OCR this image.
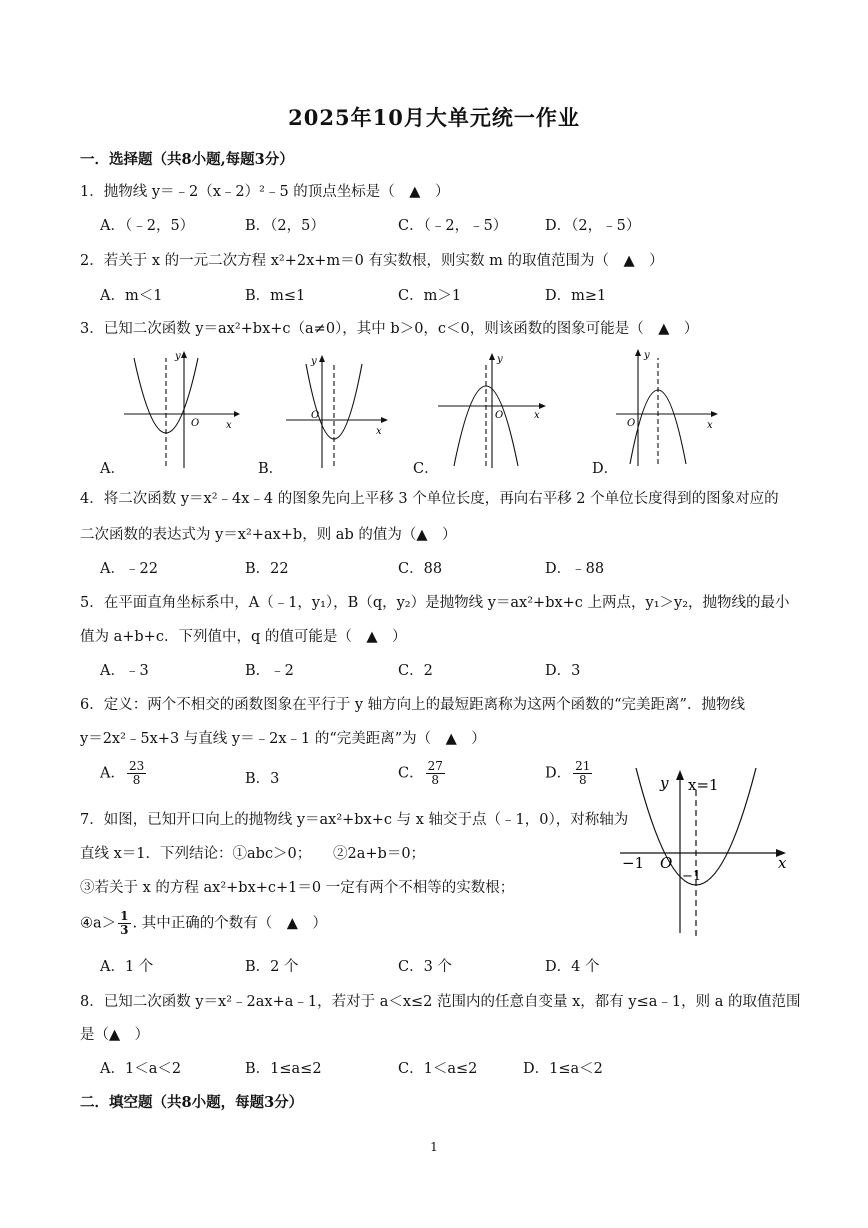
2025年10月大单元统一作业
一．选择题（共8小题,每题3分）
1．抛物线 y＝﹣2（x﹣2）²﹣5 的顶点坐标是（　▲　）
A．（﹣2，5）	B．（2，5）	C．（﹣2，﹣5）	D．（2，﹣5）
2．若关于 x 的一元二次方程 x²+2x+m＝0 有实数根，则实数 m 的取值范围为（　▲　）
A．m＜1	B．m≤1	C．m＞1	D．m≥1
3．已知二次函数 y＝ax²+bx+c（a≠0），其中 b＞0，c＜0，则该函数的图象可能是（　▲　）
A．
y
x
O
B．
y
x
O
C．
y
x
O
D．
y
x
O
4．将二次函数 y＝x²﹣4x﹣4 的图象先向上平移 3 个单位长度，再向右平移 2 个单位长度得到的图象对应的
二次函数的表达式为 y＝x²+ax+b，则 ab 的值为（▲　）
A．﹣22	B．22	C．88	D．﹣88
5．在平面直角坐标系中，A（﹣1，y₁），B（q，y₂）是抛物线 y＝ax²+bx+c 上两点，y₁＞y₂，抛物线的最小
值为 a+b+c．下列值中，q 的值可能是（　▲　）
A．﹣3	B．﹣2	C．2	D．3
6．定义：两个不相交的函数图象在平行于 y 轴方向上的最短距离称为这两个函数的“完美距离”．抛物线
y＝2x²﹣5x+3 与直线 y＝﹣2x﹣1 的“完美距离”为（　▲　）
A． $\frac{23}{8}$	B．3	C． $\frac{27}{8}$	D． $\frac{21}{8}$
7．如图，已知开口向上的抛物线 y＝ax²+bx+c 与 x 轴交于点（﹣1，0），对称轴为
直线 x＝1．下列结论：①abc＞0；　　②2a+b＝0；
③若关于 x 的方程 ax²+bx+c+1＝0 一定有两个不相等的实数根；
④a＞ $\frac{1}{3}$ . 其中正确的个数有（　▲　）
A．1 个	B．2 个	C．3 个	D．4 个
y x=1
−1 O	x
−1
8．已知二次函数 y＝x²﹣2ax+a﹣1，若对于 a＜x≤2 范围内的任意自变量 x，都有 y≤a﹣1，则 a 的取值范围
是（▲　）
A．1＜a＜2	B．1≤a≤2	C．1＜a≤2	D．1≤a＜2
二．填空题（共8小题，每题3分）
1
